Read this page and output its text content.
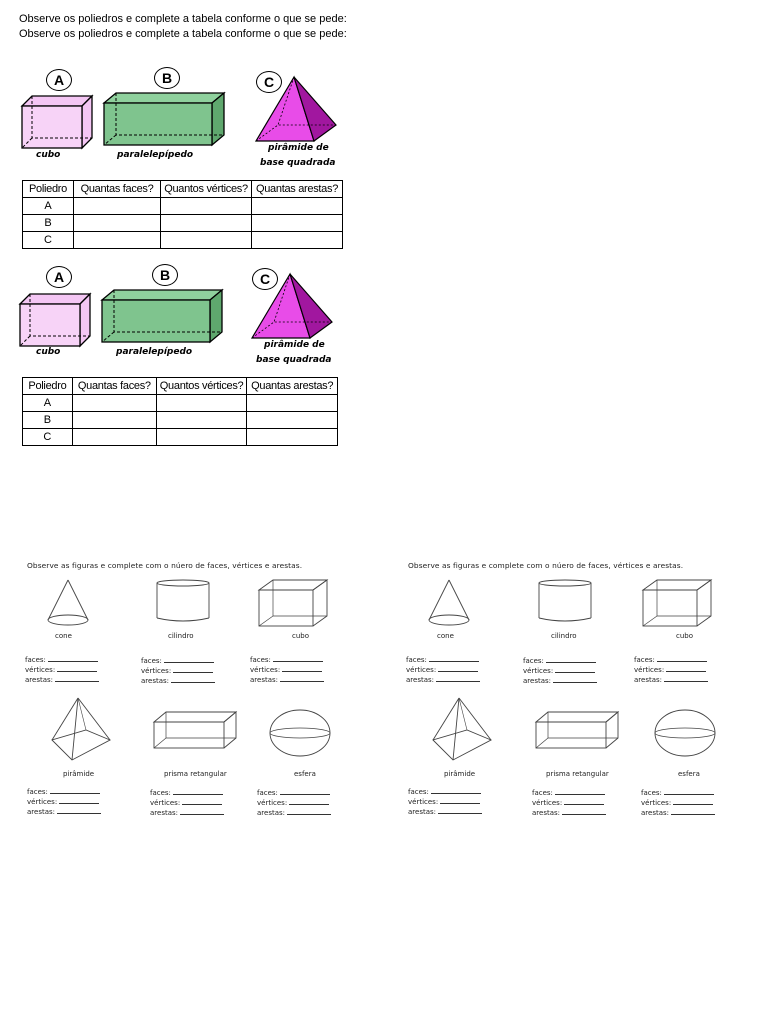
Observe os poliedros e complete a tabela conforme o que se pede:
Observe os poliedros e complete a tabela conforme o que se pede:
A	B	C
cubo	paralelepípedo
pirâmide de
base quadrada
Poliedro	Quantas faces?	Quantos vértices?	Quantas arestas?
A			
B			
C			
A	B	C
cubo	paralelepípedo
pirâmide de
base quadrada
Poliedro	Quantas faces?	Quantos vértices?	Quantas arestas?
A			
B			
C			
Observe as figuras e complete com o núero de faces, vértices e arestas.
cone	cilindro	cubo
faces:
vértices:
arestas:
faces:
vértices:
arestas:
faces:
vértices:
arestas:
pirâmide	prisma retangular	esfera
faces:
vértices:
arestas:
faces:
vértices:
arestas:
faces:
vértices:
arestas:
Observe as figuras e complete com o núero de faces, vértices e arestas.
cone	cilindro	cubo
faces:
vértices:
arestas:
faces:
vértices:
arestas:
faces:
vértices:
arestas:
pirâmide	prisma retangular	esfera
faces:
vértices:
arestas:
faces:
vértices:
arestas:
faces:
vértices:
arestas:
